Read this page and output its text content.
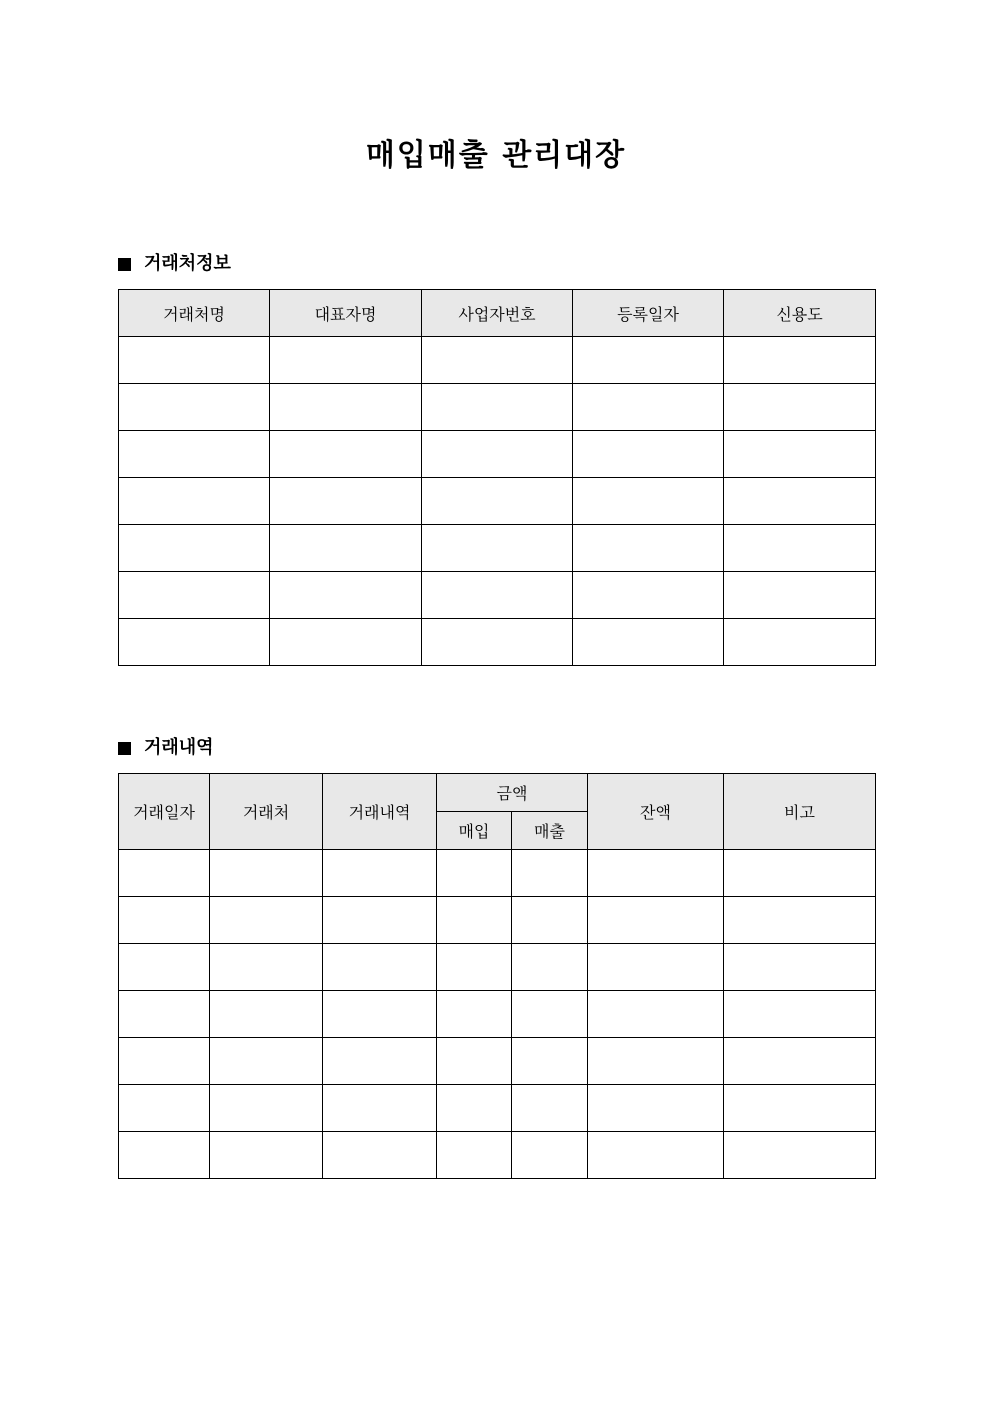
매입매출 관리대장
거래처정보
거래처명	대표자명	사업자번호	등록일자	신용도

거래내역
거래일자	거래처	거래내역	금액		잔액	비고
			매입	매출		
